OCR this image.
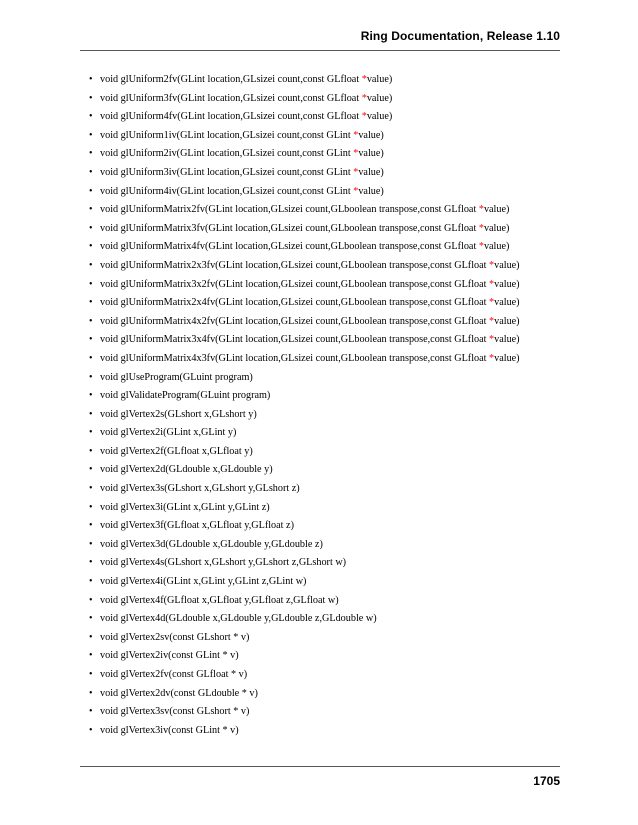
Ring Documentation, Release 1.10
• void glUniform2fv(GLint location,GLsizei count,const GLfloat *value)
• void glUniform3fv(GLint location,GLsizei count,const GLfloat *value)
• void glUniform4fv(GLint location,GLsizei count,const GLfloat *value)
• void glUniform1iv(GLint location,GLsizei count,const GLint *value)
• void glUniform2iv(GLint location,GLsizei count,const GLint *value)
• void glUniform3iv(GLint location,GLsizei count,const GLint *value)
• void glUniform4iv(GLint location,GLsizei count,const GLint *value)
• void glUniformMatrix2fv(GLint location,GLsizei count,GLboolean transpose,const GLfloat *value)
• void glUniformMatrix3fv(GLint location,GLsizei count,GLboolean transpose,const GLfloat *value)
• void glUniformMatrix4fv(GLint location,GLsizei count,GLboolean transpose,const GLfloat *value)
• void glUniformMatrix2x3fv(GLint location,GLsizei count,GLboolean transpose,const GLfloat *value)
• void glUniformMatrix3x2fv(GLint location,GLsizei count,GLboolean transpose,const GLfloat *value)
• void glUniformMatrix2x4fv(GLint location,GLsizei count,GLboolean transpose,const GLfloat *value)
• void glUniformMatrix4x2fv(GLint location,GLsizei count,GLboolean transpose,const GLfloat *value)
• void glUniformMatrix3x4fv(GLint location,GLsizei count,GLboolean transpose,const GLfloat *value)
• void glUniformMatrix4x3fv(GLint location,GLsizei count,GLboolean transpose,const GLfloat *value)
• void glUseProgram(GLuint program)
• void glValidateProgram(GLuint program)
• void glVertex2s(GLshort x,GLshort y)
• void glVertex2i(GLint x,GLint y)
• void glVertex2f(GLfloat x,GLfloat y)
• void glVertex2d(GLdouble x,GLdouble y)
• void glVertex3s(GLshort x,GLshort y,GLshort z)
• void glVertex3i(GLint x,GLint y,GLint z)
• void glVertex3f(GLfloat x,GLfloat y,GLfloat z)
• void glVertex3d(GLdouble x,GLdouble y,GLdouble z)
• void glVertex4s(GLshort x,GLshort y,GLshort z,GLshort w)
• void glVertex4i(GLint x,GLint y,GLint z,GLint w)
• void glVertex4f(GLfloat x,GLfloat y,GLfloat z,GLfloat w)
• void glVertex4d(GLdouble x,GLdouble y,GLdouble z,GLdouble w)
• void glVertex2sv(const GLshort * v)
• void glVertex2iv(const GLint * v)
• void glVertex2fv(const GLfloat * v)
• void glVertex2dv(const GLdouble * v)
• void glVertex3sv(const GLshort * v)
• void glVertex3iv(const GLint * v)
1705
